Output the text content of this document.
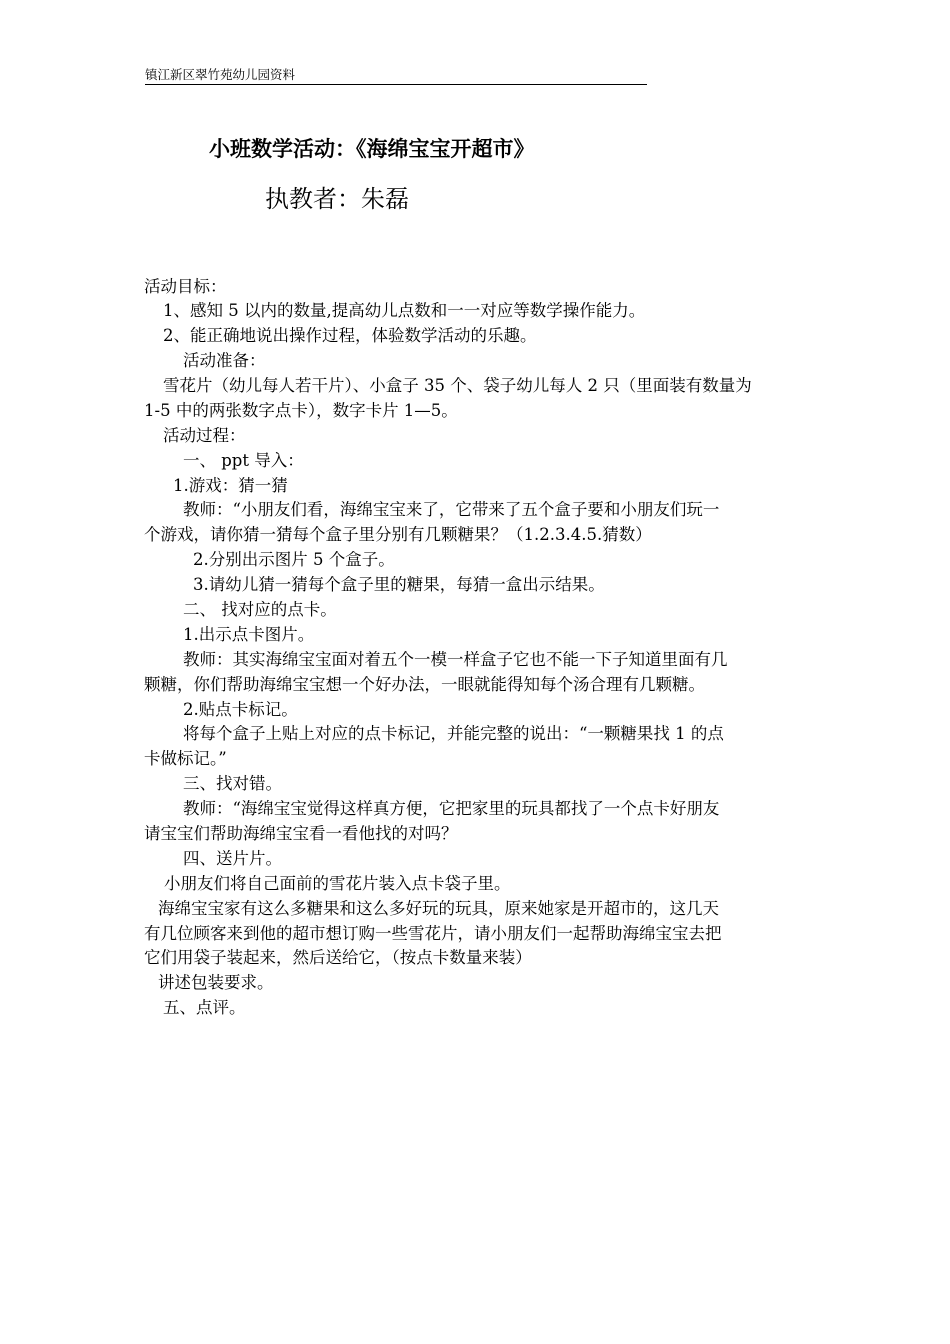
镇江新区翠竹苑幼儿园资料
小班数学活动：《海绵宝宝开超市》
执教者：朱磊
活动目标：
1、感知 5 以内的数量,提高幼儿点数和一一对应等数学操作能力。
2、能正确地说出操作过程，体验数学活动的乐趣。
活动准备：
雪花片（幼儿每人若干片）、小盒子 35 个、袋子幼儿每人 2 只（里面装有数量为
1-5 中的两张数字点卡），数字卡片 1—5。
活动过程：
一、 ppt 导入：
1.游戏：猜一猜
教师：“小朋友们看，海绵宝宝来了，它带来了五个盒子要和小朋友们玩一
个游戏，请你猜一猜每个盒子里分别有几颗糖果？（1.2.3.4.5.猜数）
2.分别出示图片 5 个盒子。
3.请幼儿猜一猜每个盒子里的糖果，每猜一盒出示结果。
二、 找对应的点卡。
1.出示点卡图片。
教师：其实海绵宝宝面对着五个一模一样盒子它也不能一下子知道里面有几
颗糖，你们帮助海绵宝宝想一个好办法，一眼就能得知每个汤合理有几颗糖。
2.贴点卡标记。
将每个盒子上贴上对应的点卡标记，并能完整的说出：“一颗糖果找 1 的点
卡做标记。”
三、找对错。
教师：“海绵宝宝觉得这样真方便，它把家里的玩具都找了一个点卡好朋友
请宝宝们帮助海绵宝宝看一看他找的对吗？
四、送片片。
小朋友们将自己面前的雪花片装入点卡袋子里。
海绵宝宝家有这么多糖果和这么多好玩的玩具，原来她家是开超市的，这几天
有几位顾客来到他的超市想订购一些雪花片，请小朋友们一起帮助海绵宝宝去把
它们用袋子装起来，然后送给它，（按点卡数量来装）
讲述包装要求。
五、点评。
